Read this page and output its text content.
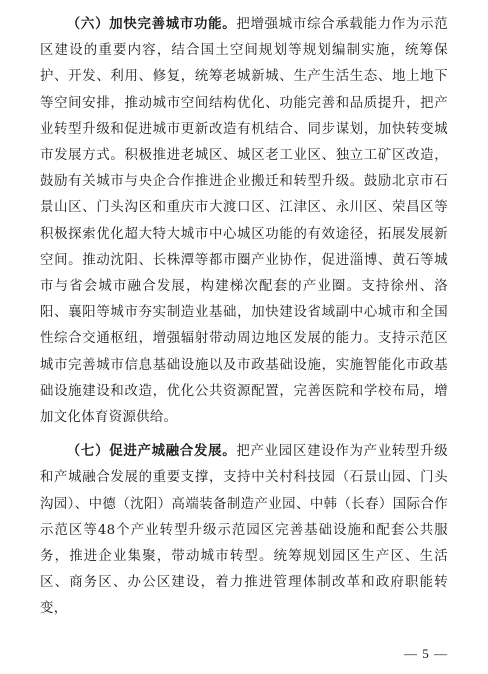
（六）加快完善城市功能。把增强城市综合承载能力作为示范区建设的重要内容，结合国土空间规划等规划编制实施，统筹保护、开发、利用、修复，统筹老城新城、生产生活生态、地上地下等空间安排，推动城市空间结构优化、功能完善和品质提升，把产业转型升级和促进城市更新改造有机结合、同步谋划，加快转变城市发展方式。积极推进老城区、城区老工业区、独立工矿区改造，鼓励有关城市与央企合作推进企业搬迁和转型升级。鼓励北京市石景山区、门头沟区和重庆市大渡口区、江津区、永川区、荣昌区等积极探索优化超大特大城市中心城区功能的有效途径，拓展发展新空间。推动沈阳、长株潭等都市圈产业协作，促进淄博、黄石等城市与省会城市融合发展，构建梯次配套的产业圈。支持徐州、洛阳、襄阳等城市夯实制造业基础，加快建设省域副中心城市和全国性综合交通枢纽，增强辐射带动周边地区发展的能力。支持示范区城市完善城市信息基础设施以及市政基础设施，实施智能化市政基础设施建设和改造，优化公共资源配置，完善医院和学校布局，增加文化体育资源供给。

（七）促进产城融合发展。把产业园区建设作为产业转型升级和产城融合发展的重要支撑，支持中关村科技园（石景山园、门头沟园）、中德（沈阳）高端装备制造产业园、中韩（长春）国际合作示范区等48个产业转型升级示范园区完善基础设施和配套公共服务，推进企业集聚，带动城市转型。统筹规划园区生产区、生活区、商务区、办公区建设，着力推进管理体制改革和政府职能转变，

— 5 —
